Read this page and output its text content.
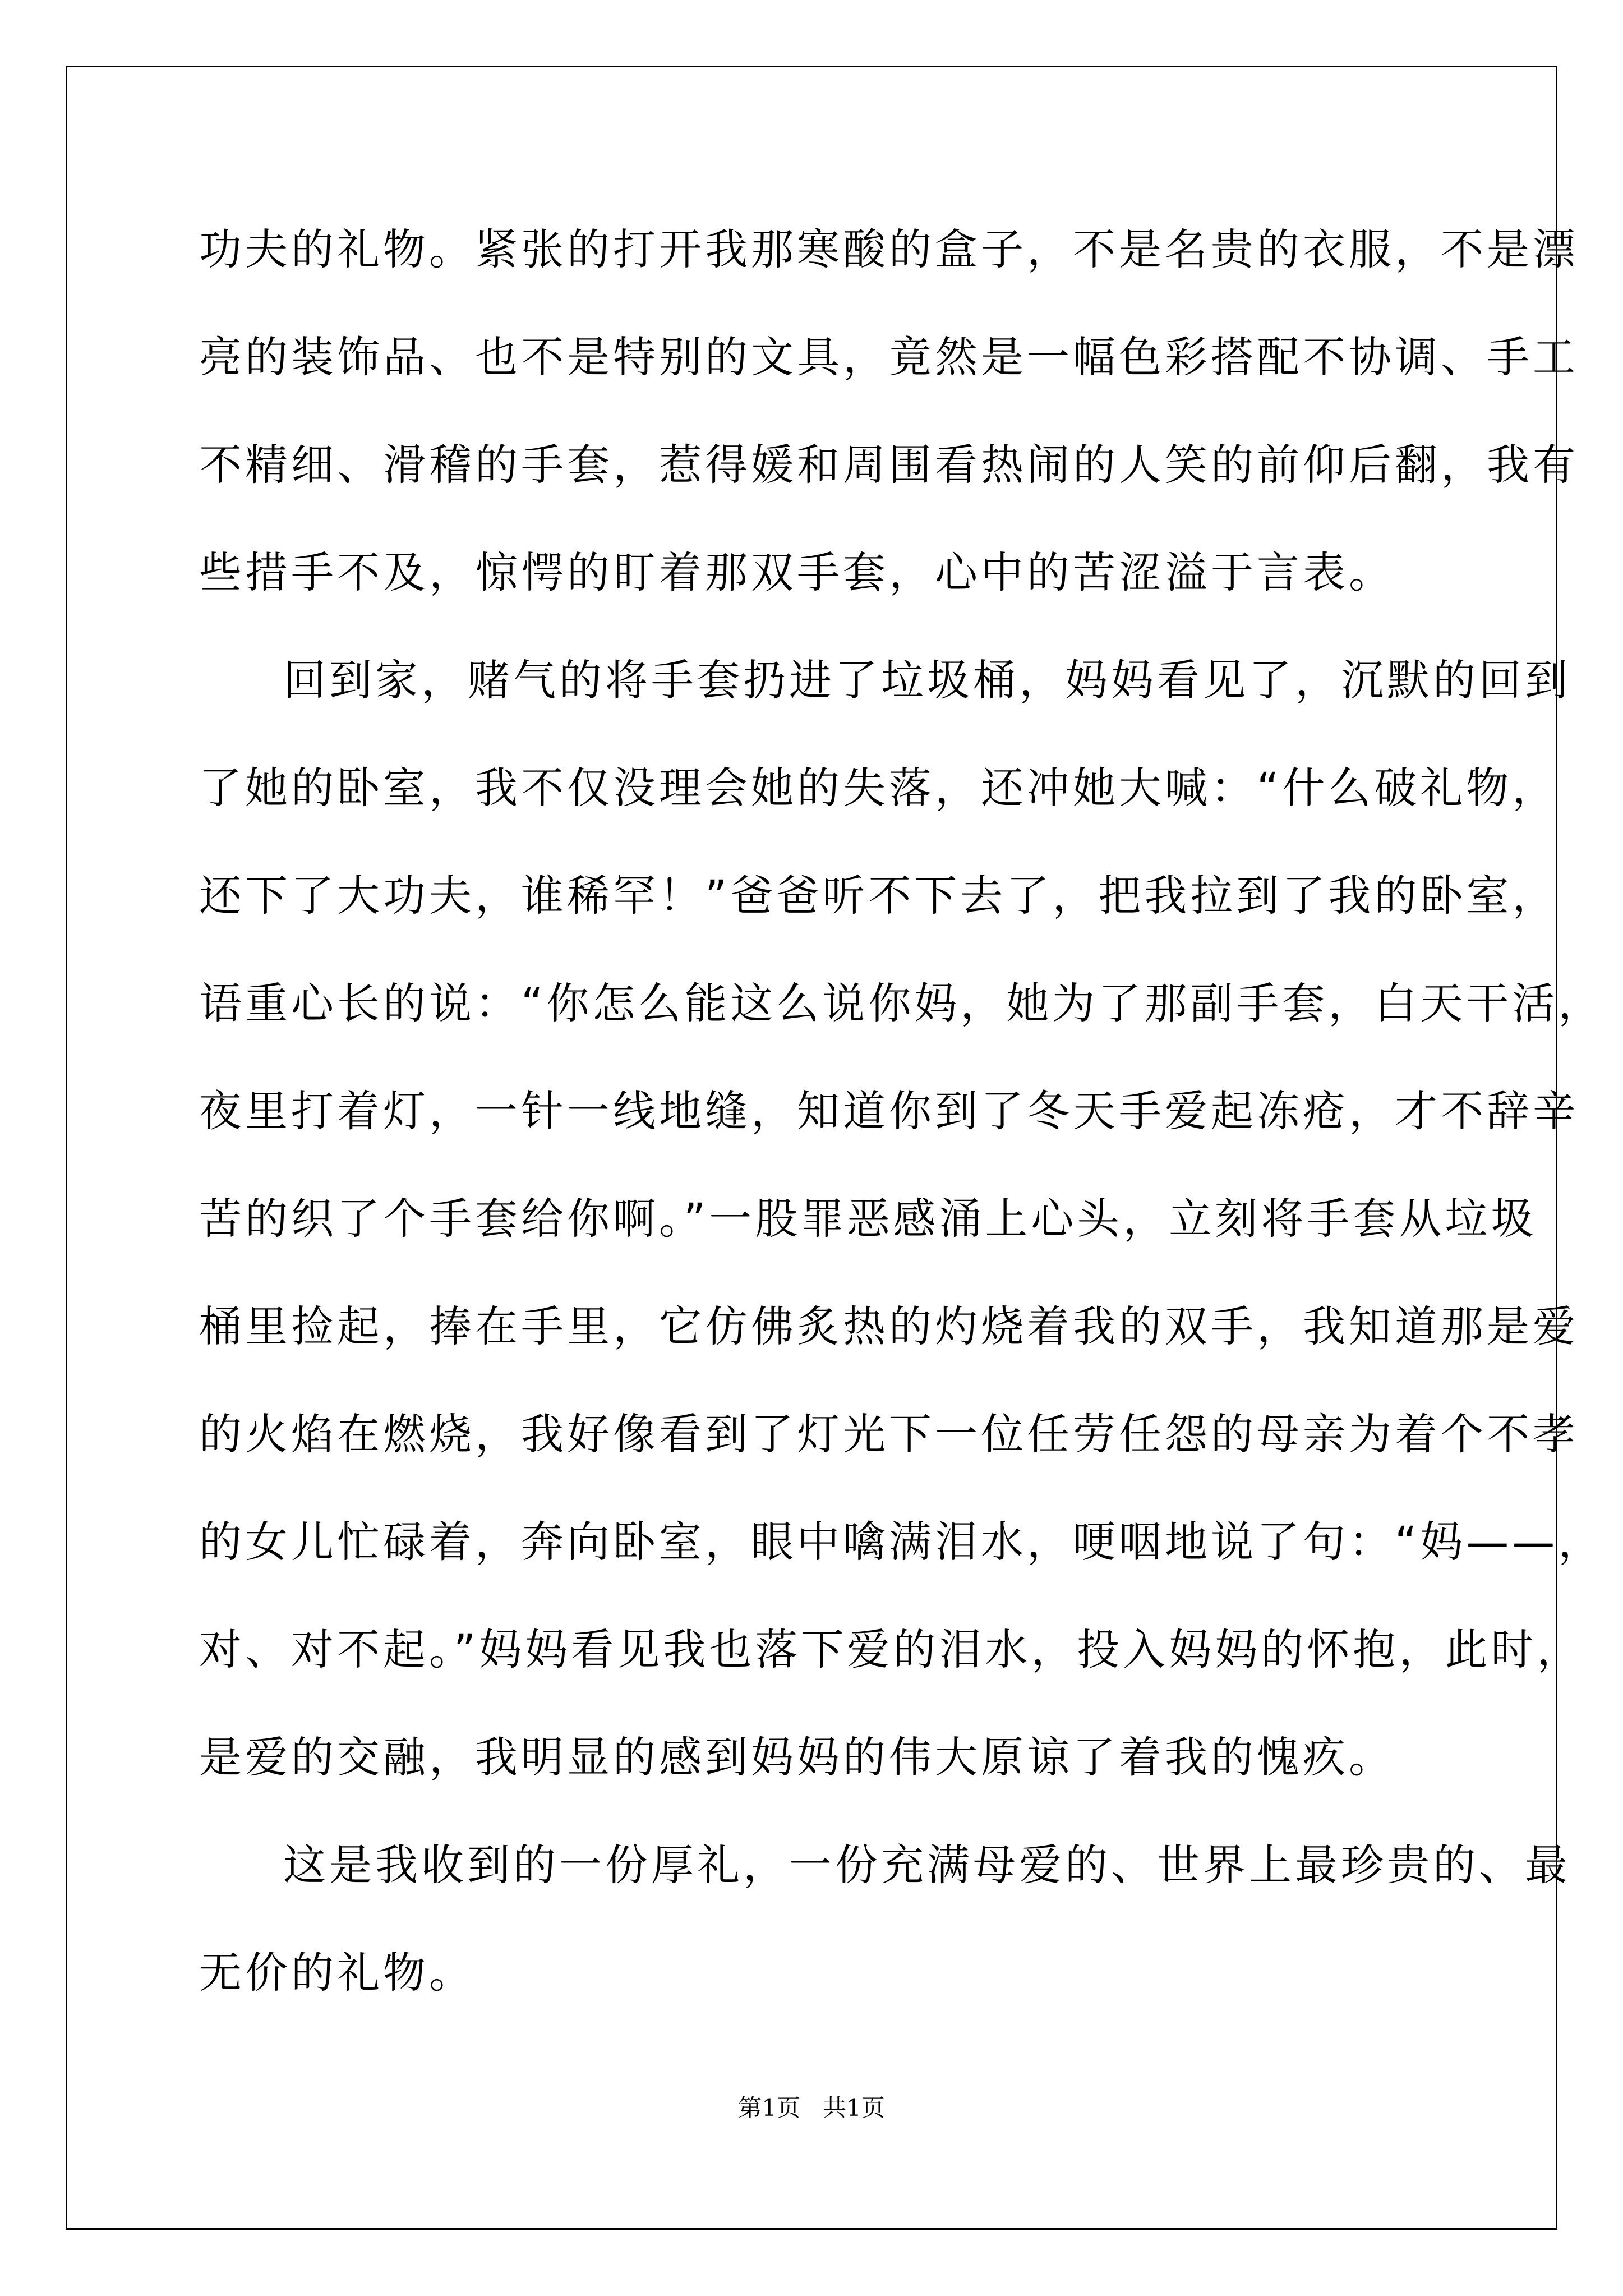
功夫的礼物。紧张的打开我那寒酸的盒子，不是名贵的衣服，不是漂
亮的装饰品、也不是特别的文具，竟然是一幅色彩搭配不协调、手工
不精细、滑稽的手套，惹得媛和周围看热闹的人笑的前仰后翻，我有
些措手不及，惊愕的盯着那双手套，心中的苦涩溢于言表。
回到家，赌气的将手套扔进了垃圾桶，妈妈看见了，沉默的回到
了她的卧室，我不仅没理会她的失落，还冲她大喊：“什么破礼物，
还下了大功夫，谁稀罕！”爸爸听不下去了，把我拉到了我的卧室，
语重心长的说：“你怎么能这么说你妈，她为了那副手套，白天干活，
夜里打着灯，一针一线地缝，知道你到了冬天手爱起冻疮，才不辞辛
苦的织了个手套给你啊。”一股罪恶感涌上心头，立刻将手套从垃圾
桶里捡起，捧在手里，它仿佛炙热的灼烧着我的双手，我知道那是爱
的火焰在燃烧，我好像看到了灯光下一位任劳任怨的母亲为着个不孝
的女儿忙碌着，奔向卧室，眼中噙满泪水，哽咽地说了句：“妈——，
对、对不起。”妈妈看见我也落下爱的泪水，投入妈妈的怀抱，此时，
是爱的交融，我明显的感到妈妈的伟大原谅了着我的愧疚。
这是我收到的一份厚礼，一份充满母爱的、世界上最珍贵的、最
无价的礼物。
第1页 共1页
